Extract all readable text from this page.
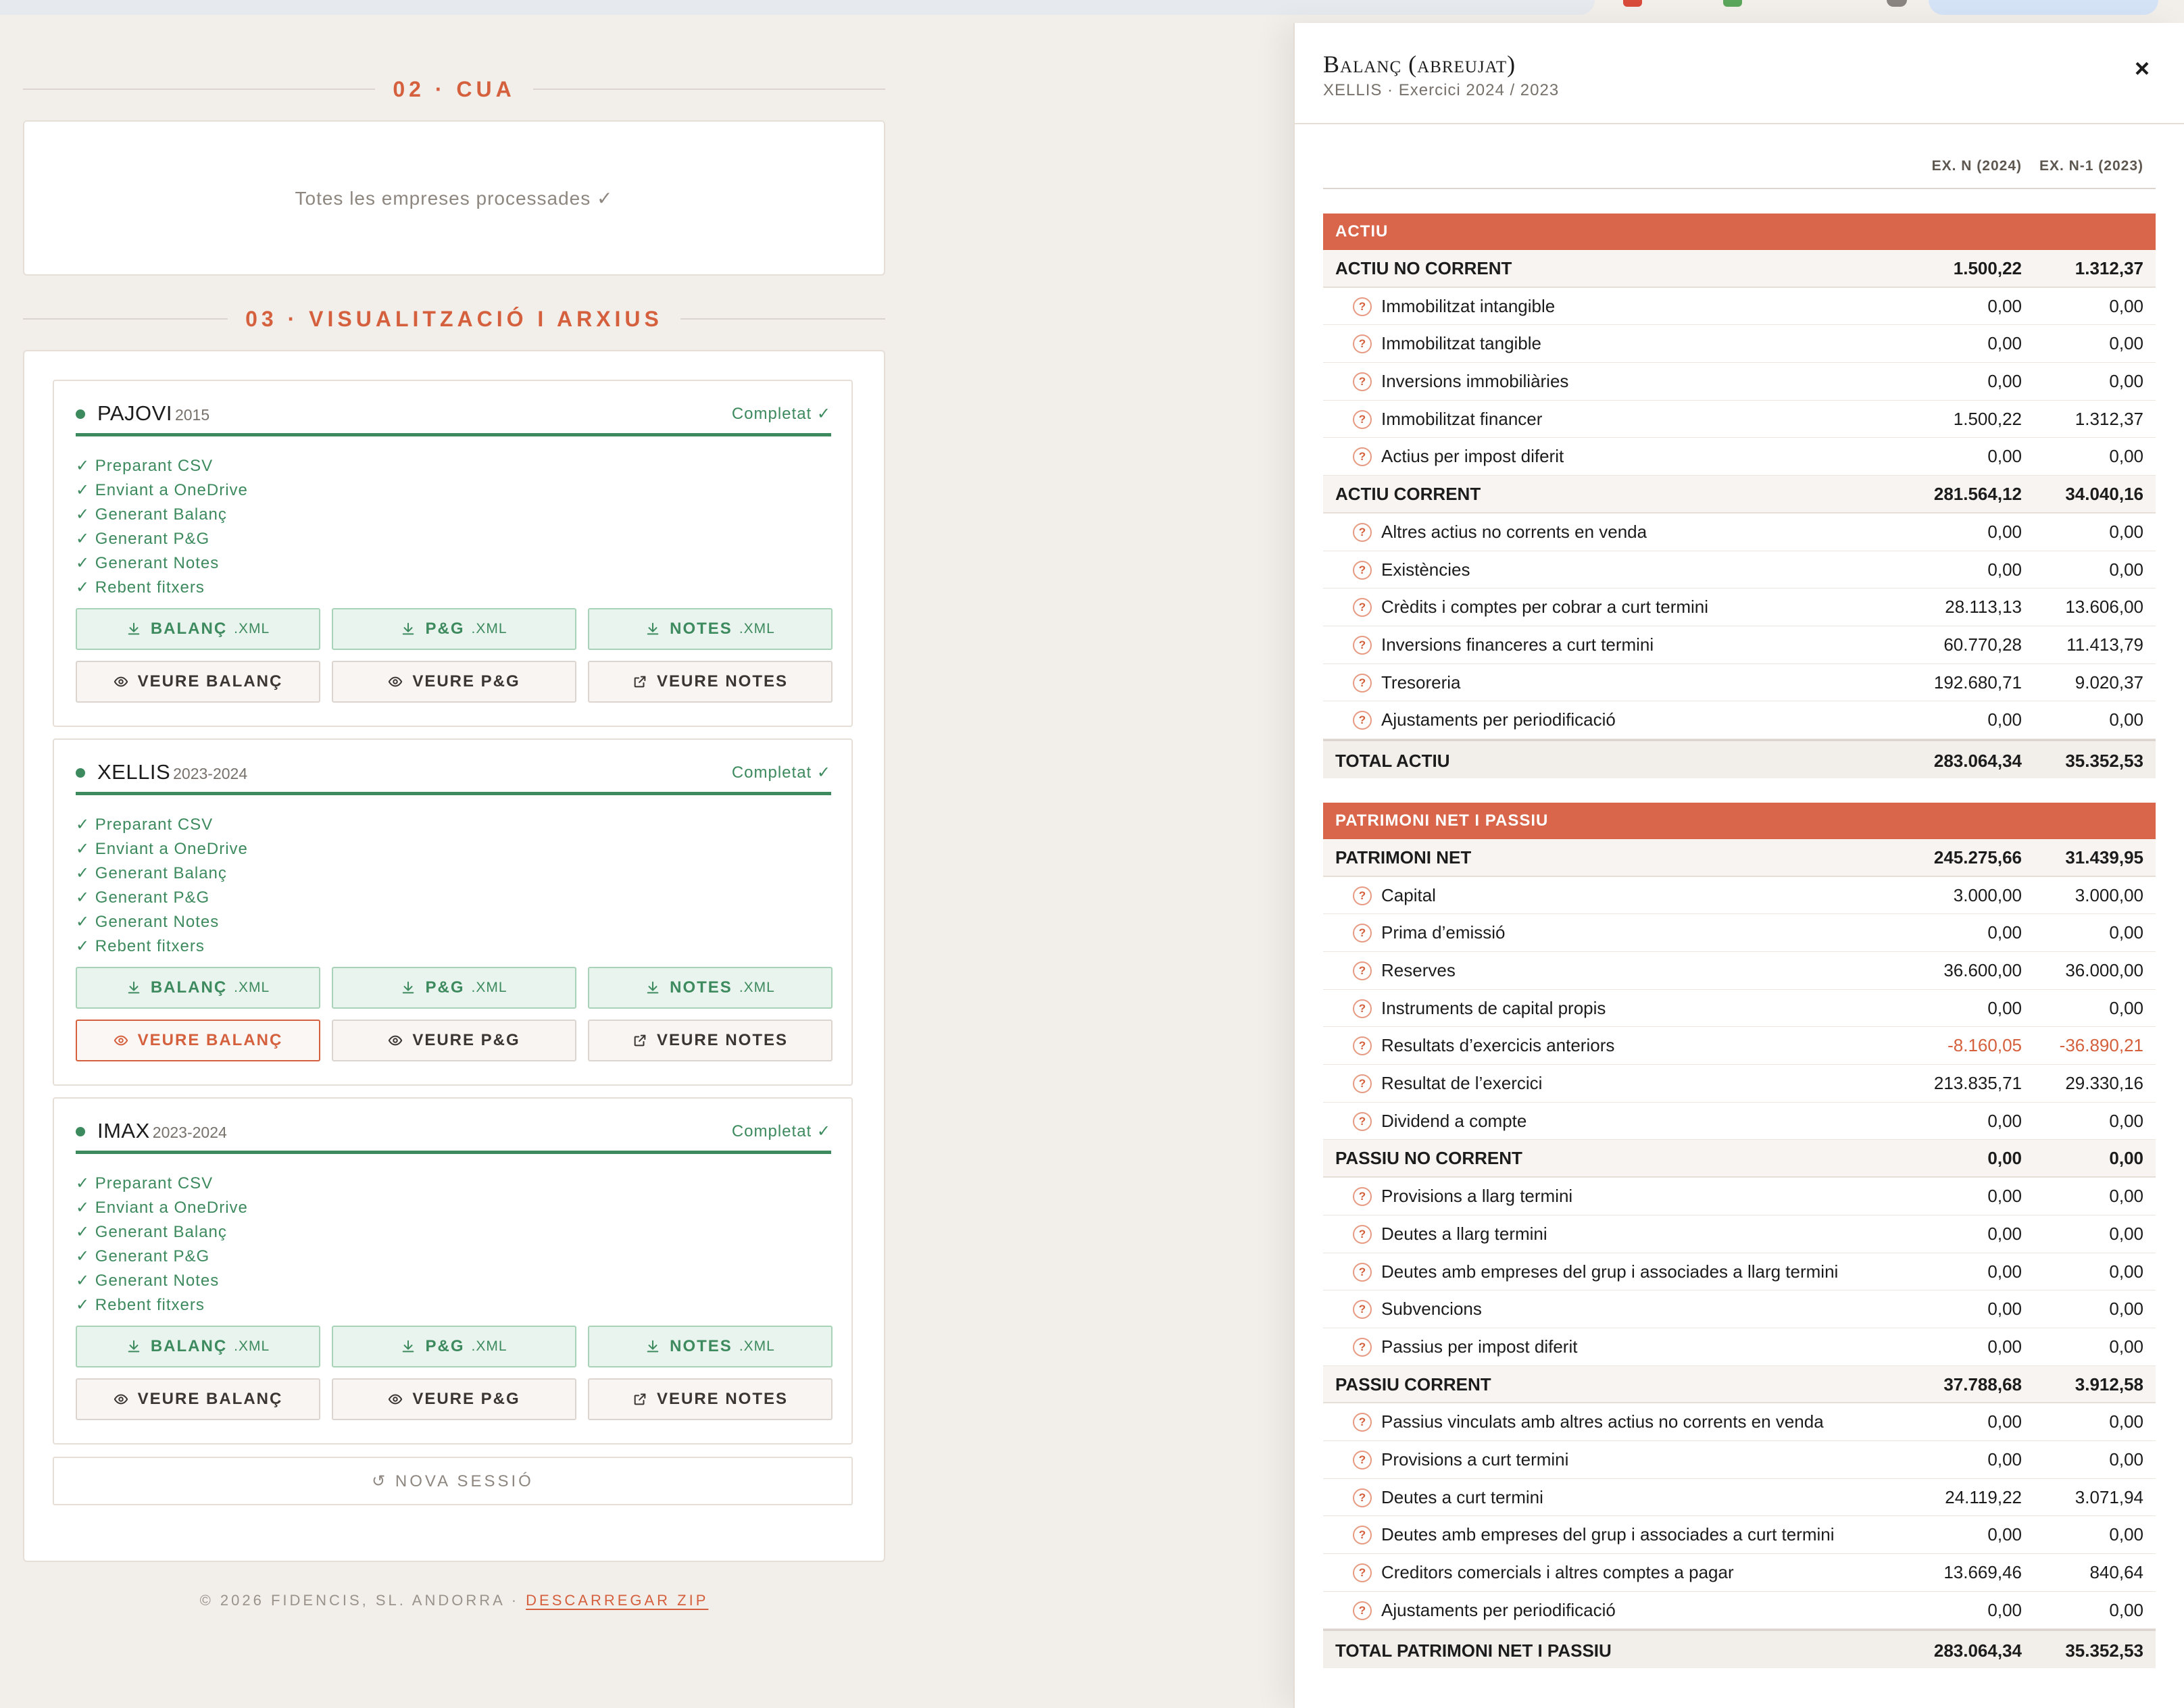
02 · CUA
Totes les empreses processades ✓
03 · VISUALITZACIÓ I ARXIUS
PAJOVI 2015	Completat ✓
✓ Preparant CSV
✓ Enviant a OneDrive
✓ Generant Balanç
✓ Generant P&G
✓ Generant Notes
✓ Rebent fitxers
BALANÇ .XML	P&G .XML	NOTES .XML
VEURE BALANÇ	VEURE P&G	VEURE NOTES
XELLIS 2023-2024	Completat ✓
✓ Preparant CSV
✓ Enviant a OneDrive
✓ Generant Balanç
✓ Generant P&G
✓ Generant Notes
✓ Rebent fitxers
BALANÇ .XML	P&G .XML	NOTES .XML
VEURE BALANÇ	VEURE P&G	VEURE NOTES
IMAX 2023-2024	Completat ✓
✓ Preparant CSV
✓ Enviant a OneDrive
✓ Generant Balanç
✓ Generant P&G
✓ Generant Notes
✓ Rebent fitxers
BALANÇ .XML	P&G .XML	NOTES .XML
VEURE BALANÇ	VEURE P&G	VEURE NOTES
↺ NOVA SESSIÓ
© 2026 FIDENCIS, SL. ANDORRA · DESCARREGAR ZIP
Balanç (abreujat)
XELLIS · Exercici 2024 / 2023
×
EX. N (2024) EX. N-1 (2023)
ACTIU
ACTIU NO CORRENT	1.500,22	1.312,37
? Immobilitzat intangible	0,00	0,00
? Immobilitzat tangible	0,00	0,00
? Inversions immobiliàries	0,00	0,00
? Immobilitzat financer	1.500,22	1.312,37
? Actius per impost diferit	0,00	0,00
ACTIU CORRENT	281.564,12 34.040,16
? Altres actius no corrents en venda	0,00	0,00
? Existències	0,00	0,00
? Crèdits i comptes per cobrar a curt termini	28.113,13 13.606,00
? Inversions financeres a curt termini	60.770,28	11.413,79
? Tresoreria	192.680,71	9.020,37
? Ajustaments per periodificació	0,00	0,00
TOTAL ACTIU	283.064,34 35.352,53
PATRIMONI NET I PASSIU
PATRIMONI NET	245.275,66 31.439,95
? Capital	3.000,00	3.000,00
? Prima d’emissió	0,00	0,00
? Reserves	36.600,00 36.000,00
? Instruments de capital propis	0,00	0,00
? Resultats d’exercicis anteriors	-8.160,05 -36.890,21
? Resultat de l’exercici	213.835,71 29.330,16
? Dividend a compte	0,00	0,00
PASSIU NO CORRENT	0,00	0,00
? Provisions a llarg termini	0,00	0,00
? Deutes a llarg termini	0,00	0,00
? Deutes amb empreses del grup i associades a llarg termini	0,00	0,00
? Subvencions	0,00	0,00
? Passius per impost diferit	0,00	0,00
PASSIU CORRENT	37.788,68	3.912,58
? Passius vinculats amb altres actius no corrents en venda	0,00	0,00
? Provisions a curt termini	0,00	0,00
? Deutes a curt termini	24.119,22	3.071,94
? Deutes amb empreses del grup i associades a curt termini	0,00	0,00
? Creditors comercials i altres comptes a pagar	13.669,46	840,64
? Ajustaments per periodificació	0,00	0,00
TOTAL PATRIMONI NET I PASSIU	283.064,34 35.352,53
